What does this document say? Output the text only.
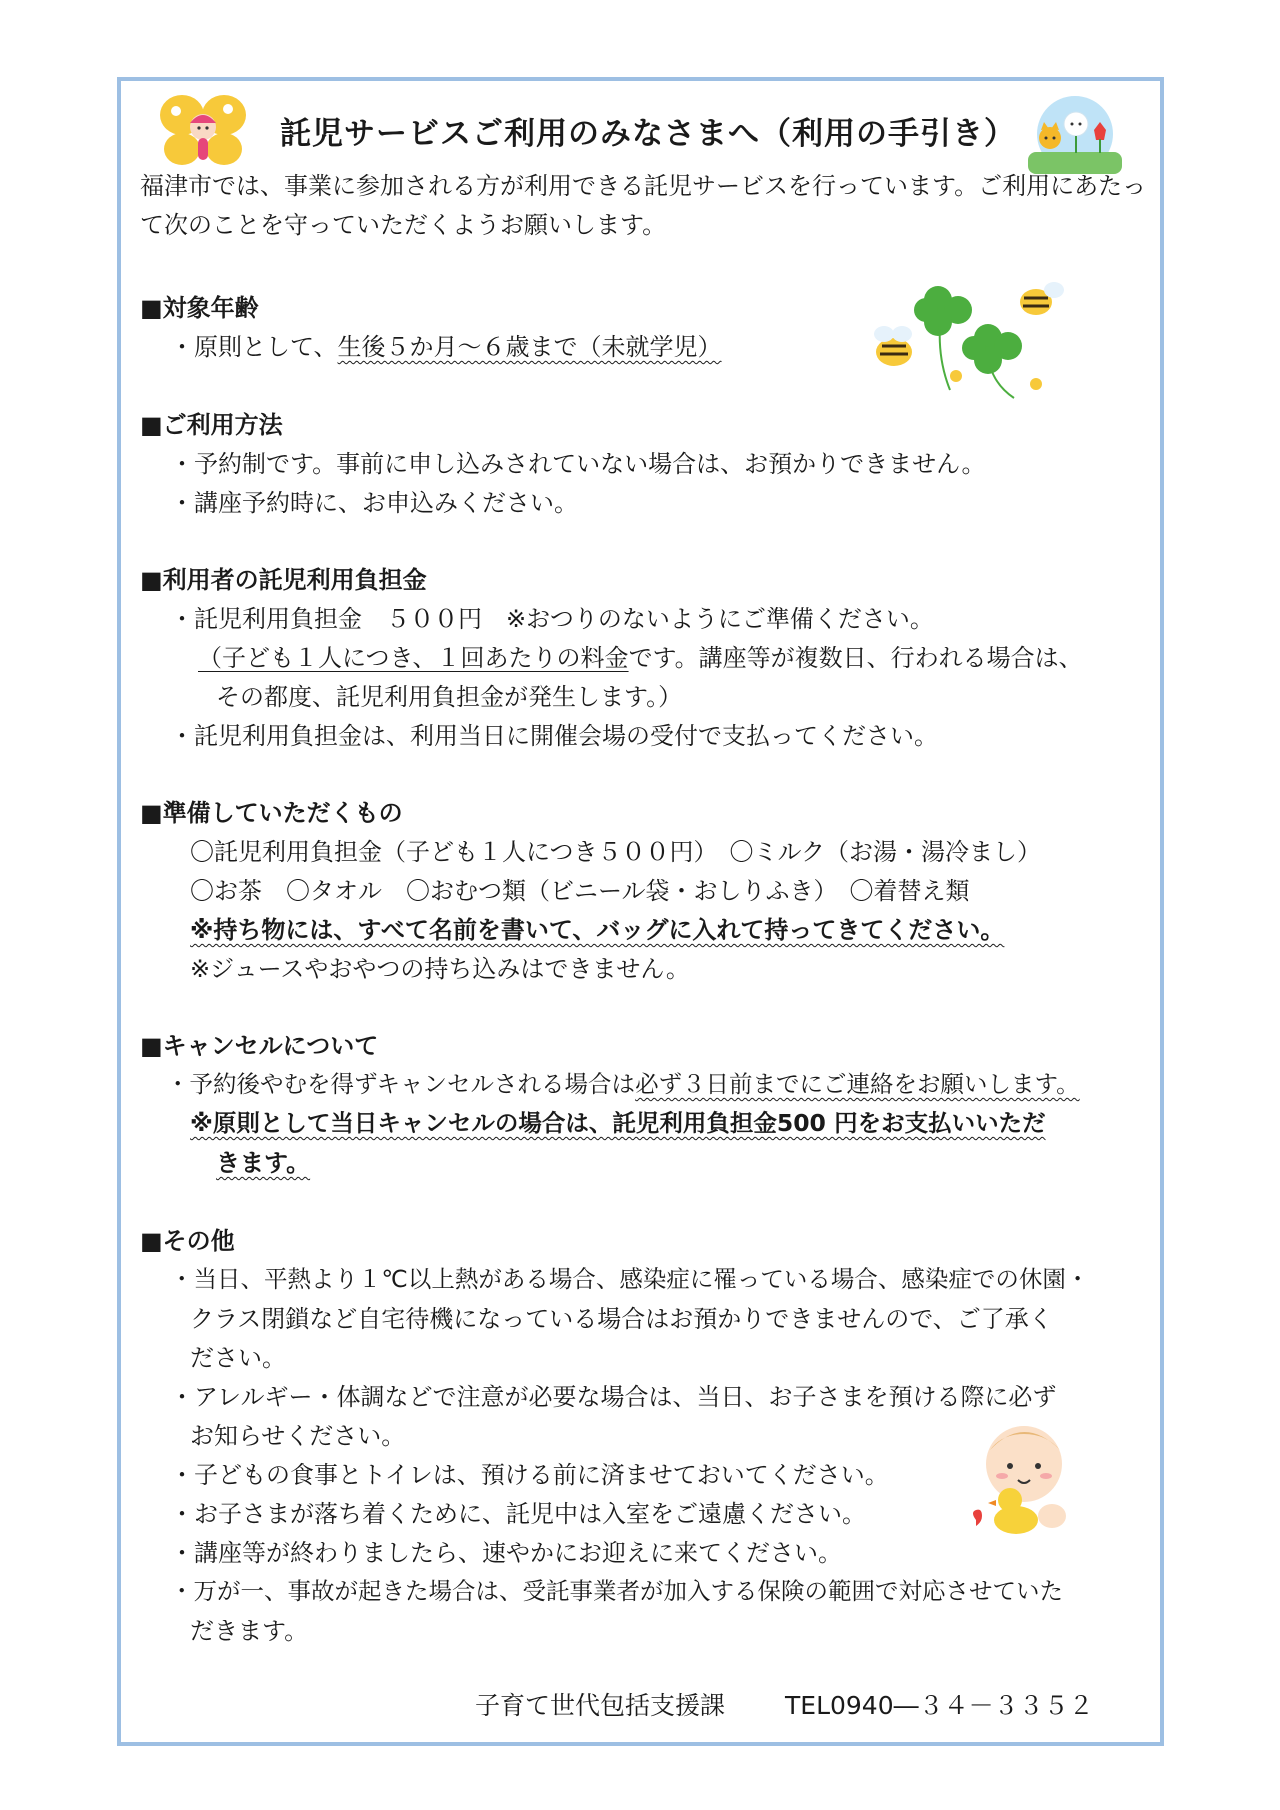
託児サービスご利用のみなさまへ（利用の手引き）
福津市では、事業に参加される方が利用できる託児サービスを行っています。ご利用にあたって次のことを守っていただくようお願いします。
■対象年齢
・原則として、生後５か月～６歳まで（未就学児）
■ご利用方法
・予約制です。事前に申し込みされていない場合は、お預かりできません。
・講座予約時に、お申込みください。
■利用者の託児利用負担金
・託児利用負担金　５００円　※おつりのないようにご準備ください。
（子ども１人につき、１回あたりの料金です。講座等が複数日、行われる場合は、
その都度、託児利用負担金が発生します。）
・託児利用負担金は、利用当日に開催会場の受付で支払ってください。
■準備していただくもの
〇託児利用負担金（子ども１人につき５００円）　〇ミルク（お湯・湯冷まし）
〇お茶　〇タオル　〇おむつ類（ビニール袋・おしりふき）　〇着替え類
※持ち物には、すべて名前を書いて、バッグに入れて持ってきてください。
※ジュースやおやつの持ち込みはできません。
■キャンセルについて
・予約後やむを得ずキャンセルされる場合は必ず３日前までにご連絡をお願いします。
※原則として当日キャンセルの場合は、託児利用負担金500 円をお支払いいただ
きます。
■その他
・当日、平熱より１℃以上熱がある場合、感染症に罹っている場合、感染症での休園・
クラス閉鎖など自宅待機になっている場合はお預かりできませんので、ご了承く
ださい。
・アレルギー・体調などで注意が必要な場合は、当日、お子さまを預ける際に必ず
お知らせください。
・子どもの食事とトイレは、預ける前に済ませておいてください。
・お子さまが落ち着くために、託児中は入室をご遠慮ください。
・講座等が終わりましたら、速やかにお迎えに来てください。
・万が一、事故が起きた場合は、受託事業者が加入する保険の範囲で対応させていた
だきます。
子育て世代包括支援課 TEL0940―３４－３３５２
